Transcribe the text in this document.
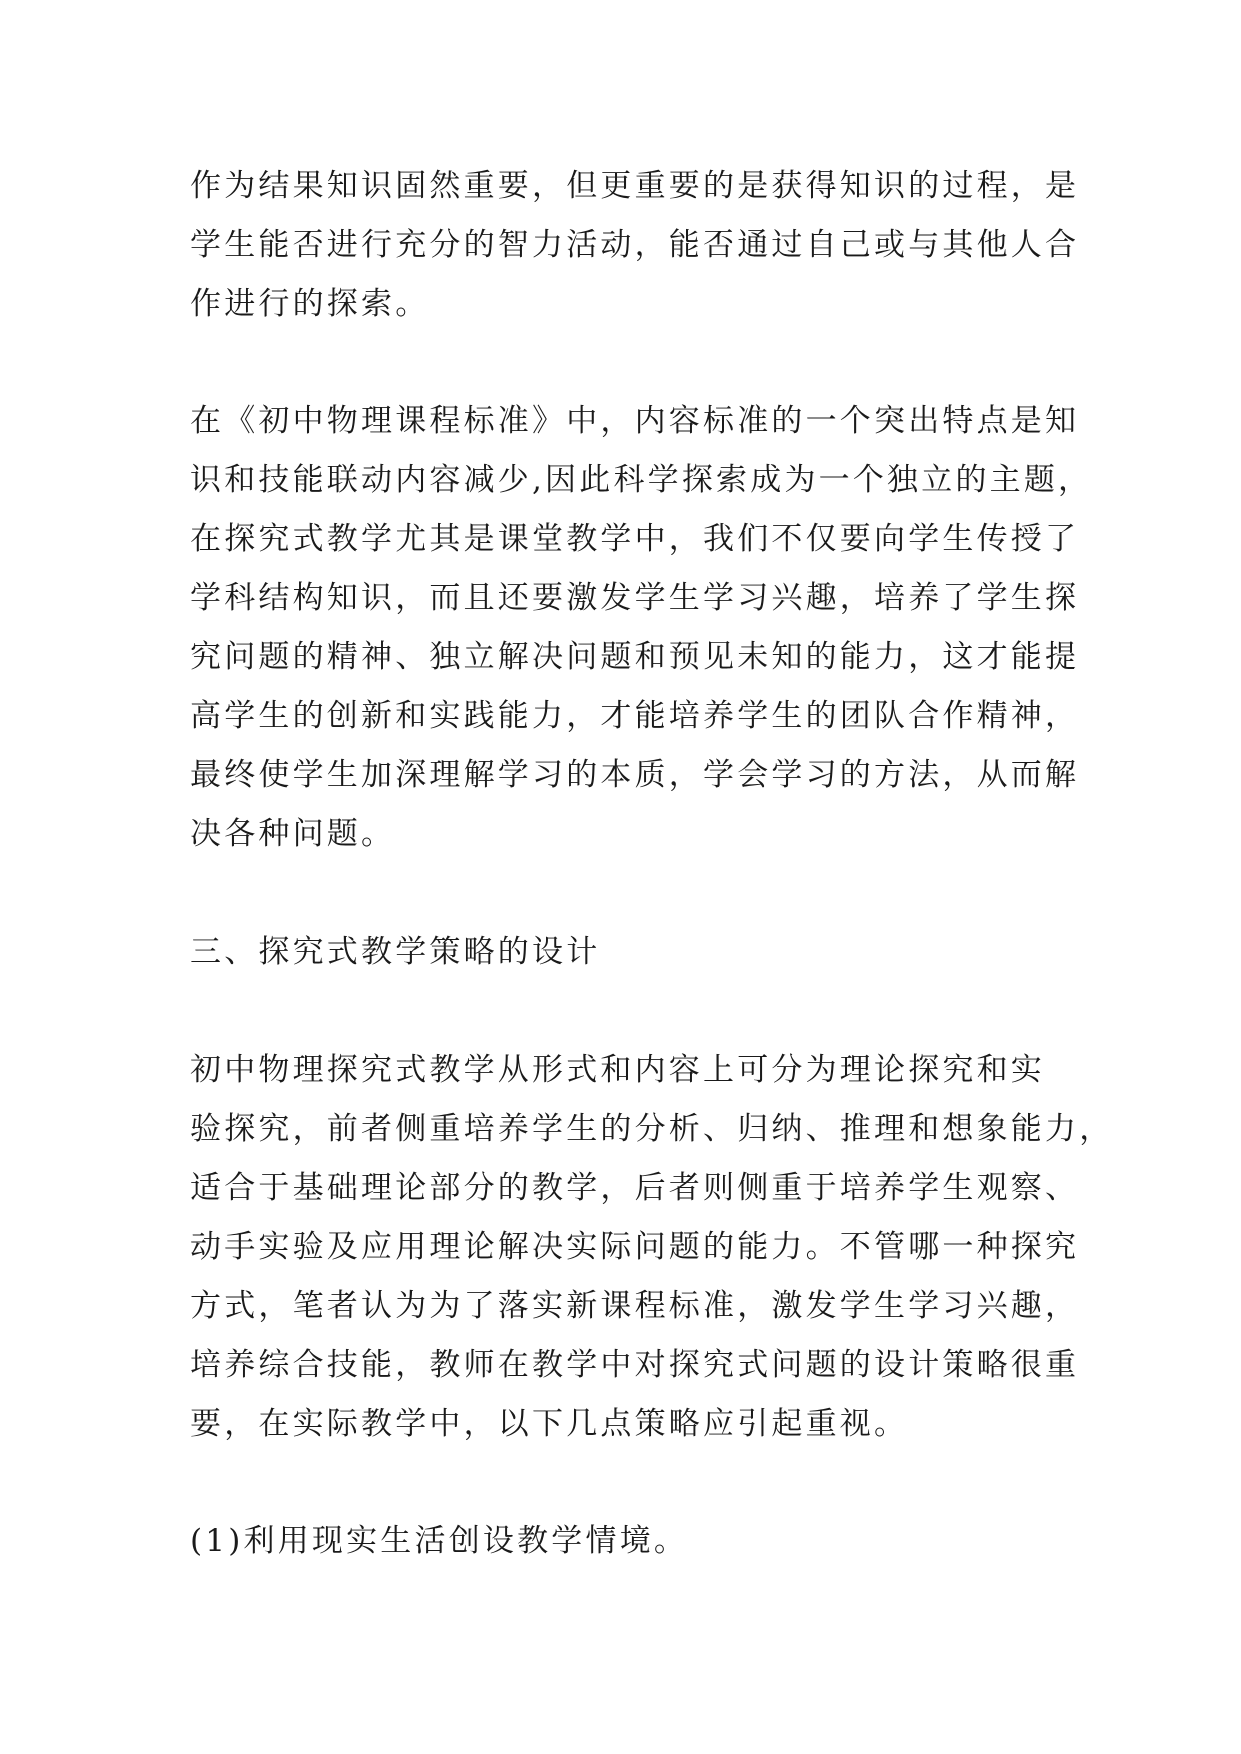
作为结果知识固然重要，但更重要的是获得知识的过程，是
学生能否进行充分的智力活动，能否通过自己或与其他人合
作进行的探索。
在《初中物理课程标准》中，内容标准的一个突出特点是知
识和技能联动内容减少,因此科学探索成为一个独立的主题，
在探究式教学尤其是课堂教学中，我们不仅要向学生传授了
学科结构知识，而且还要激发学生学习兴趣，培养了学生探
究问题的精神、独立解决问题和预见未知的能力，这才能提
高学生的创新和实践能力，才能培养学生的团队合作精神，
最终使学生加深理解学习的本质，学会学习的方法，从而解
决各种问题。
三、探究式教学策略的设计
初中物理探究式教学从形式和内容上可分为理论探究和实
验探究，前者侧重培养学生的分析、归纳、推理和想象能力，
适合于基础理论部分的教学，后者则侧重于培养学生观察、
动手实验及应用理论解决实际问题的能力。不管哪一种探究
方式，笔者认为为了落实新课程标准，激发学生学习兴趣，
培养综合技能，教师在教学中对探究式问题的设计策略很重
要，在实际教学中，以下几点策略应引起重视。
(1)利用现实生活创设教学情境。
